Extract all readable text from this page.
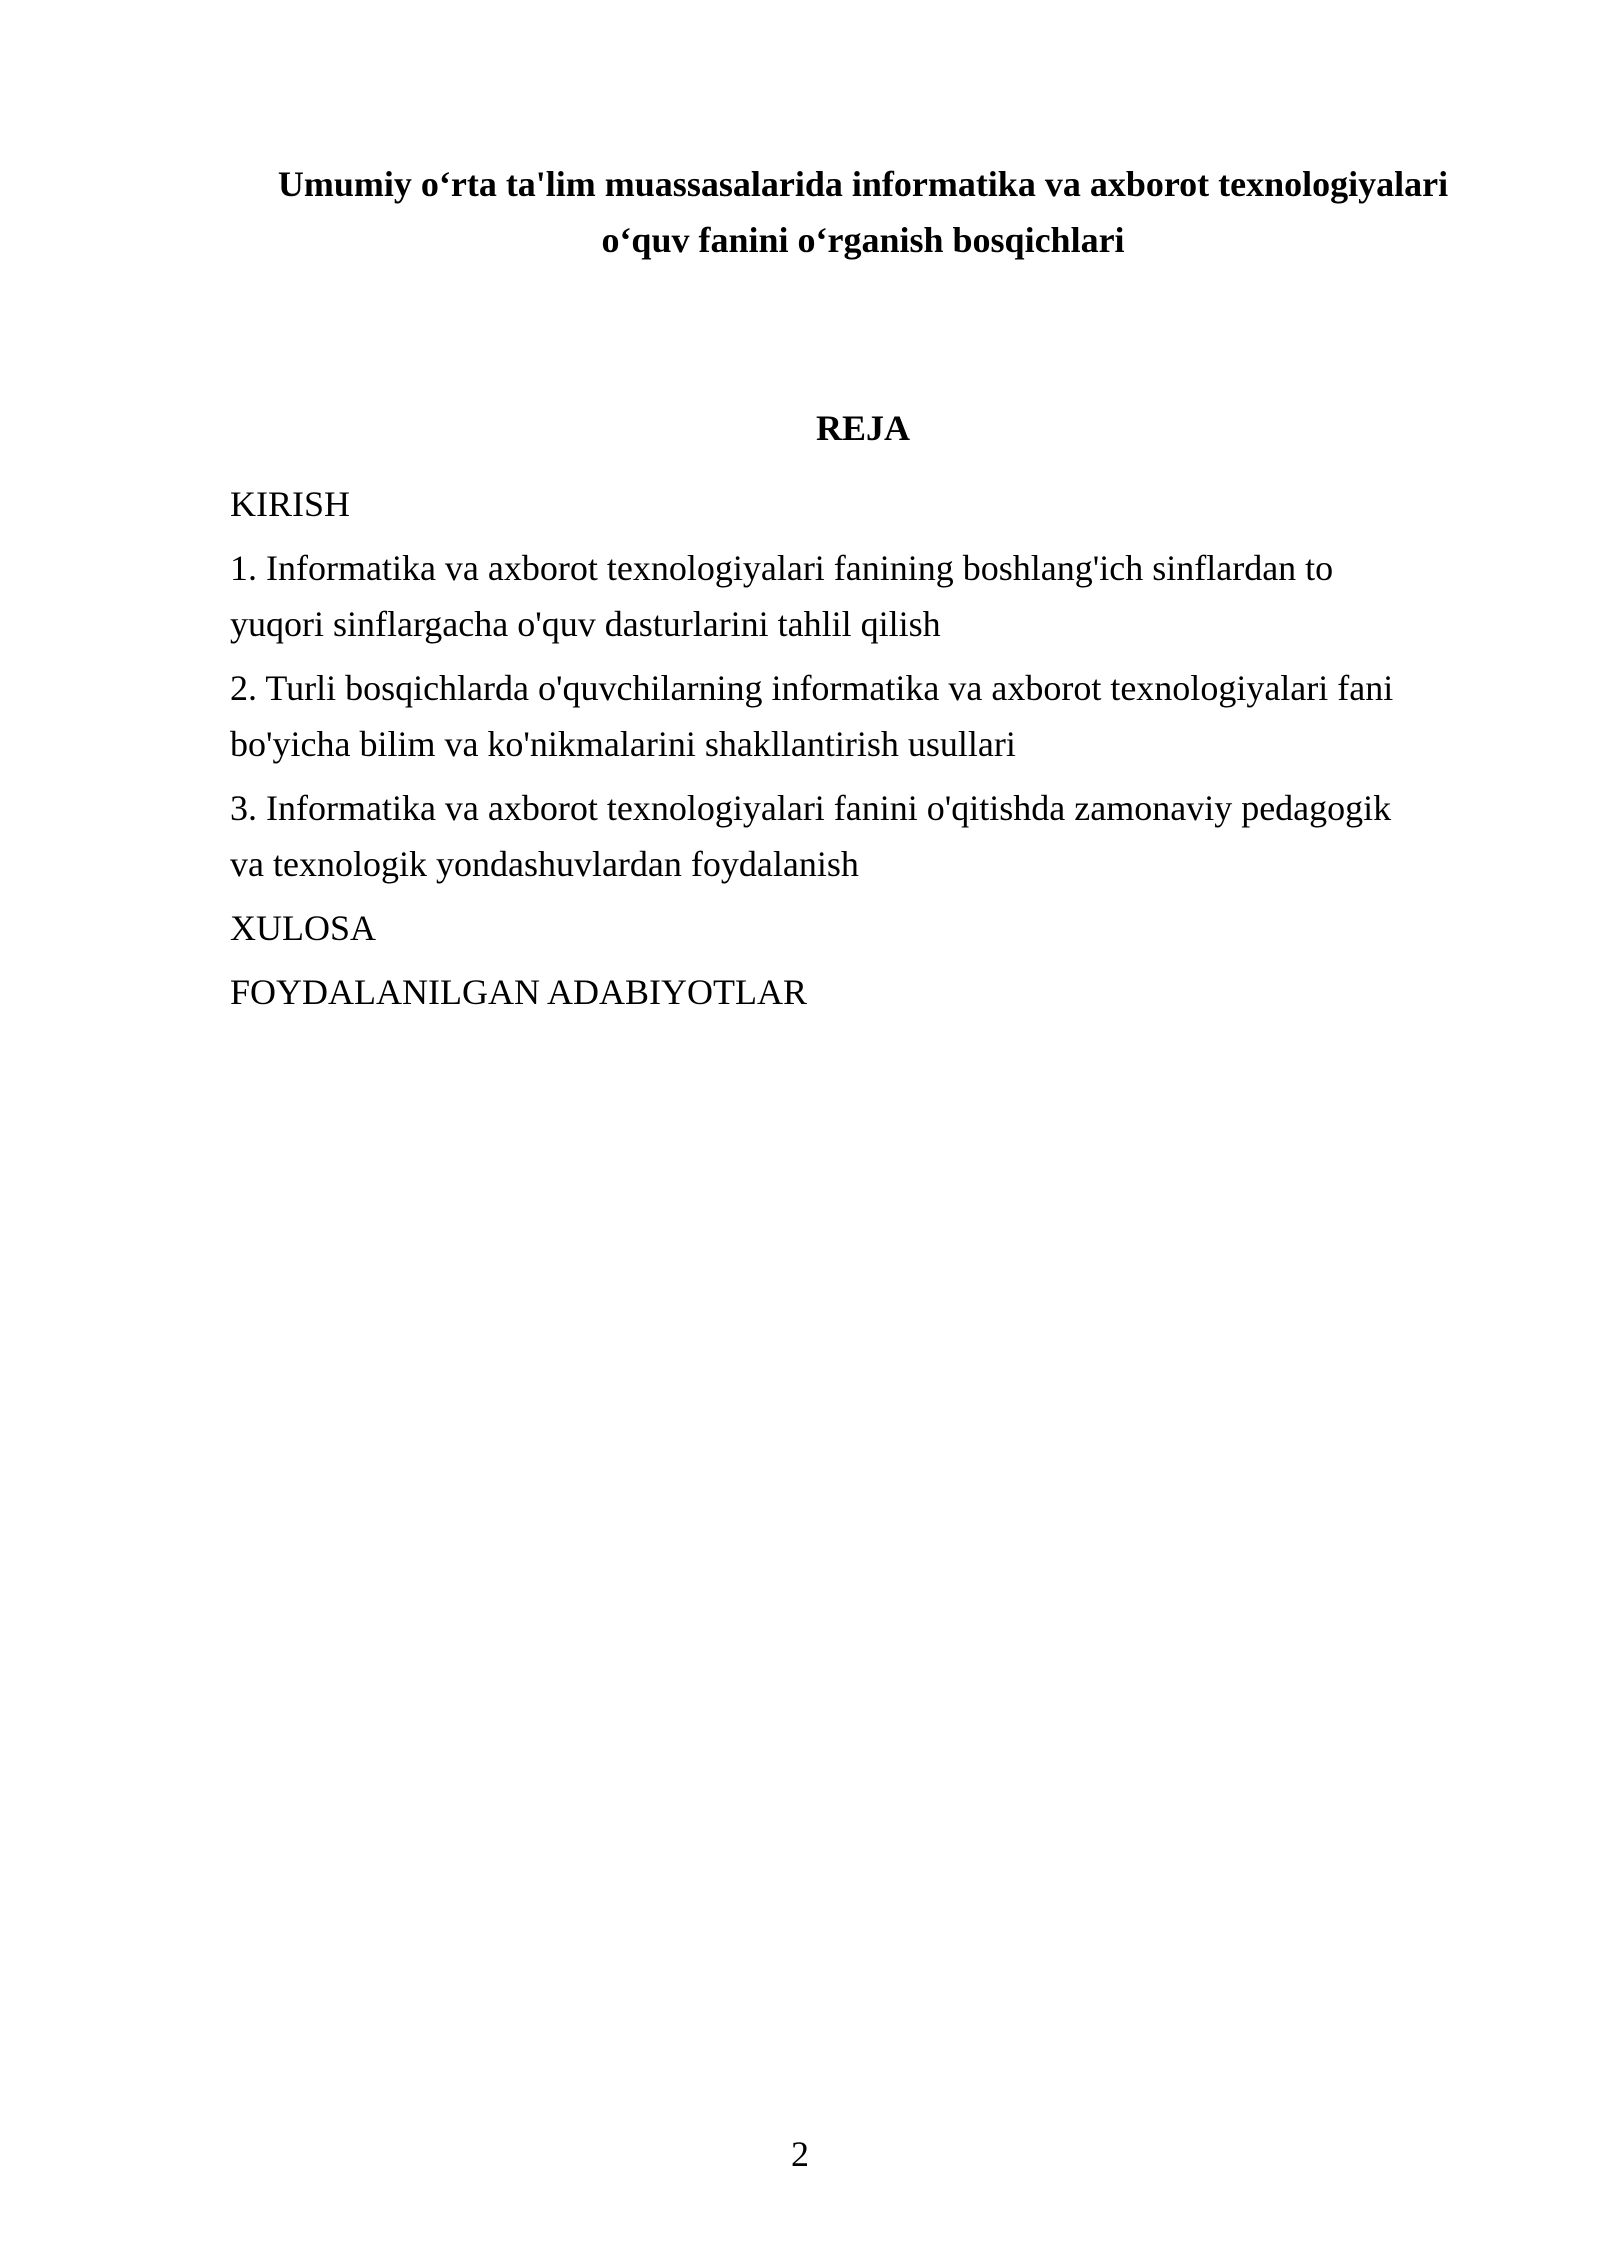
Umumiy o‘rta ta'lim muassasalarida informatika va axborot texnologiyalari
o‘quv fanini o‘rganish bosqichlari
REJA
KIRISH
1. Informatika va axborot texnologiyalari fanining boshlang'ich sinflardan to
yuqori sinflargacha o'quv dasturlarini tahlil qilish
2. Turli bosqichlarda o'quvchilarning informatika va axborot texnologiyalari fani
bo'yicha bilim va ko'nikmalarini shakllantirish usullari
3. Informatika va axborot texnologiyalari fanini o'qitishda zamonaviy pedagogik
va texnologik yondashuvlardan foydalanish
XULOSA
FOYDALANILGAN ADABIYOTLAR
2
